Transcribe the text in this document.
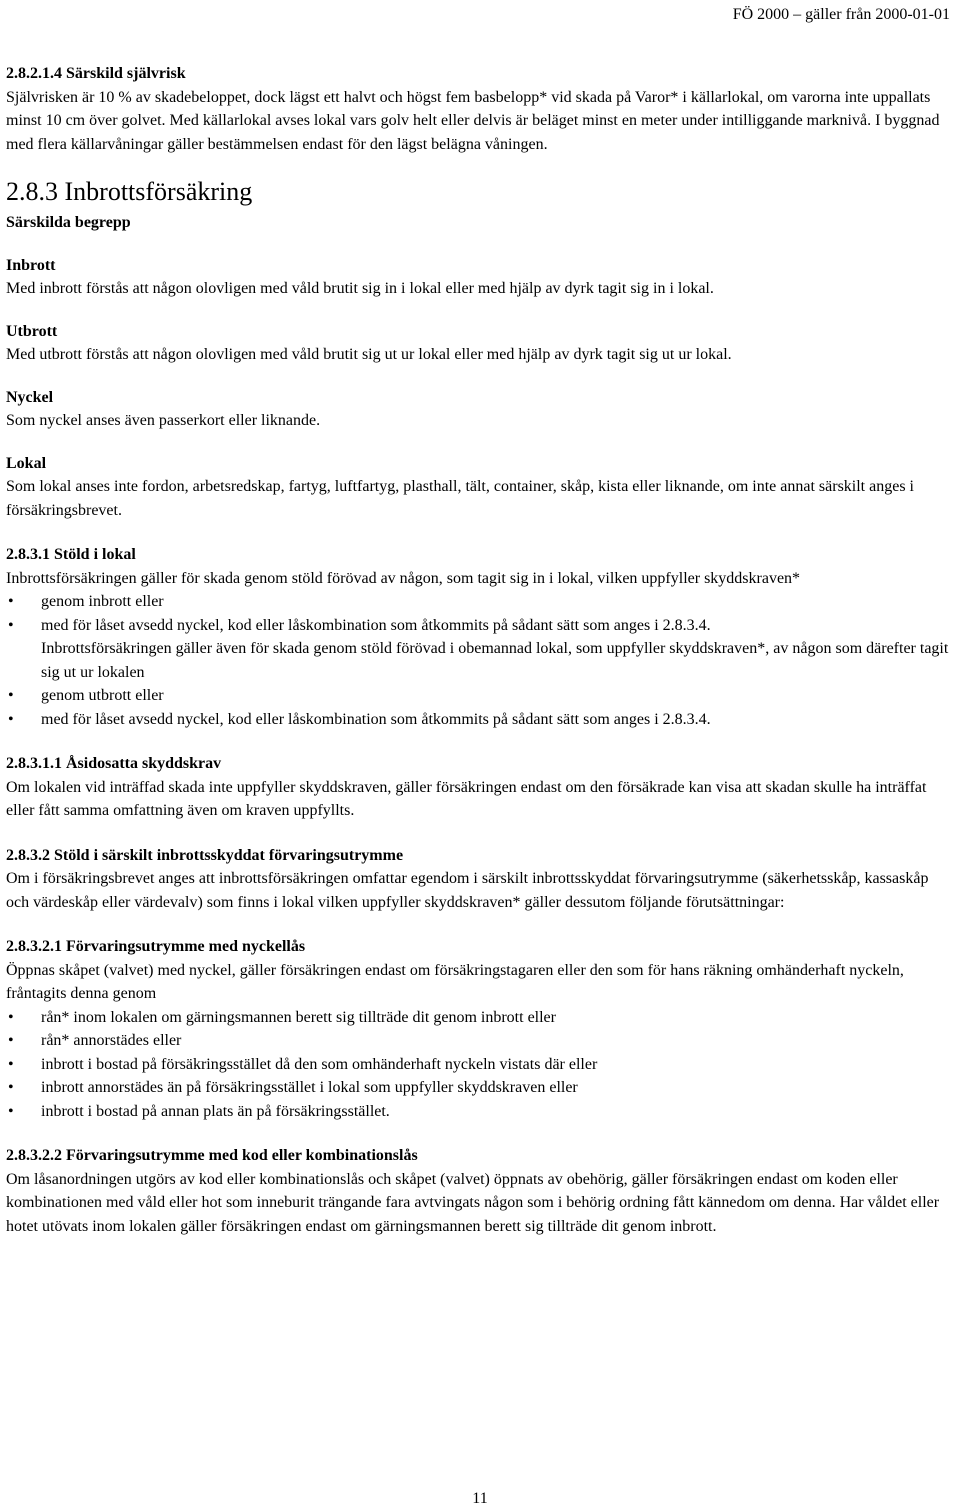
FÖ 2000 – gäller från 2000-01-01

2.8.2.1.4 Särskild självrisk

Självrisken är 10 % av skadebeloppet, dock lägst ett halvt och högst fem basbelopp* vid skada på Varor* i källarlokal, om varorna inte uppallats minst 10 cm över golvet. Med källarlokal avses lokal vars golv helt eller delvis är beläget minst en meter under intilliggande marknivå. I byggnad med flera källarvåningar gäller bestämmelsen endast för den lägst belägna våningen.

2.8.3 Inbrottsförsäkring

Särskilda begrepp

Inbrott

Med inbrott förstås att någon olovligen med våld brutit sig in i lokal eller med hjälp av dyrk tagit sig in i lokal.

Utbrott

Med utbrott förstås att någon olovligen med våld brutit sig ut ur lokal eller med hjälp av dyrk tagit sig ut ur lokal.

Nyckel

Som nyckel anses även passerkort eller liknande.

Lokal

Som lokal anses inte fordon, arbetsredskap, fartyg, luftfartyg, plasthall, tält, container, skåp, kista eller liknande, om inte annat särskilt anges i försäkringsbrevet.

2.8.3.1 Stöld i lokal

Inbrottsförsäkringen gäller för skada genom stöld förövad av någon, som tagit sig in i lokal, vilken uppfyller skyddskraven*

• genom inbrott eller
• med för låset avsedd nyckel, kod eller låskombination som åtkommits på sådant sätt som anges i 2.8.3.4.

Inbrottsförsäkringen gäller även för skada genom stöld förövad i obemannad lokal, som uppfyller skyddskraven*, av någon som därefter tagit sig ut ur lokalen

• genom utbrott eller
• med för låset avsedd nyckel, kod eller låskombination som åtkommits på sådant sätt som anges i 2.8.3.4.

2.8.3.1.1 Åsidosatta skyddskrav

Om lokalen vid inträffad skada inte uppfyller skyddskraven, gäller försäkringen endast om den försäkrade kan visa att skadan skulle ha inträffat eller fått samma omfattning även om kraven uppfyllts.

2.8.3.2 Stöld i särskilt inbrottsskyddat förvaringsutrymme

Om i försäkringsbrevet anges att inbrottsförsäkringen omfattar egendom i särskilt inbrottsskyddat förvaringsutrymme (säkerhetsskåp, kassaskåp och värdeskåp eller värdevalv) som finns i lokal vilken uppfyller skyddskraven* gäller dessutom följande förutsättningar:

2.8.3.2.1 Förvaringsutrymme med nyckellås

Öppnas skåpet (valvet) med nyckel, gäller försäkringen endast om försäkringstagaren eller den som för hans räkning omhänderhaft nyckeln, fråntagits denna genom

• rån* inom lokalen om gärningsmannen berett sig tillträde dit genom inbrott eller
• rån* annorstädes eller
• inbrott i bostad på försäkringsstället då den som omhänderhaft nyckeln vistats där eller
• inbrott annorstädes än på försäkringsstället i lokal som uppfyller skyddskraven eller
• inbrott i bostad på annan plats än på försäkringsstället.

2.8.3.2.2 Förvaringsutrymme med kod eller kombinationslås

Om låsanordningen utgörs av kod eller kombinationslås och skåpet (valvet) öppnats av obehörig, gäller försäkringen endast om koden eller kombinationen med våld eller hot som inneburit trängande fara avtvingats någon som i behörig ordning fått kännedom om denna. Har våldet eller hotet utövats inom lokalen gäller försäkringen endast om gärningsmannen berett sig tillträde dit genom inbrott.

11
